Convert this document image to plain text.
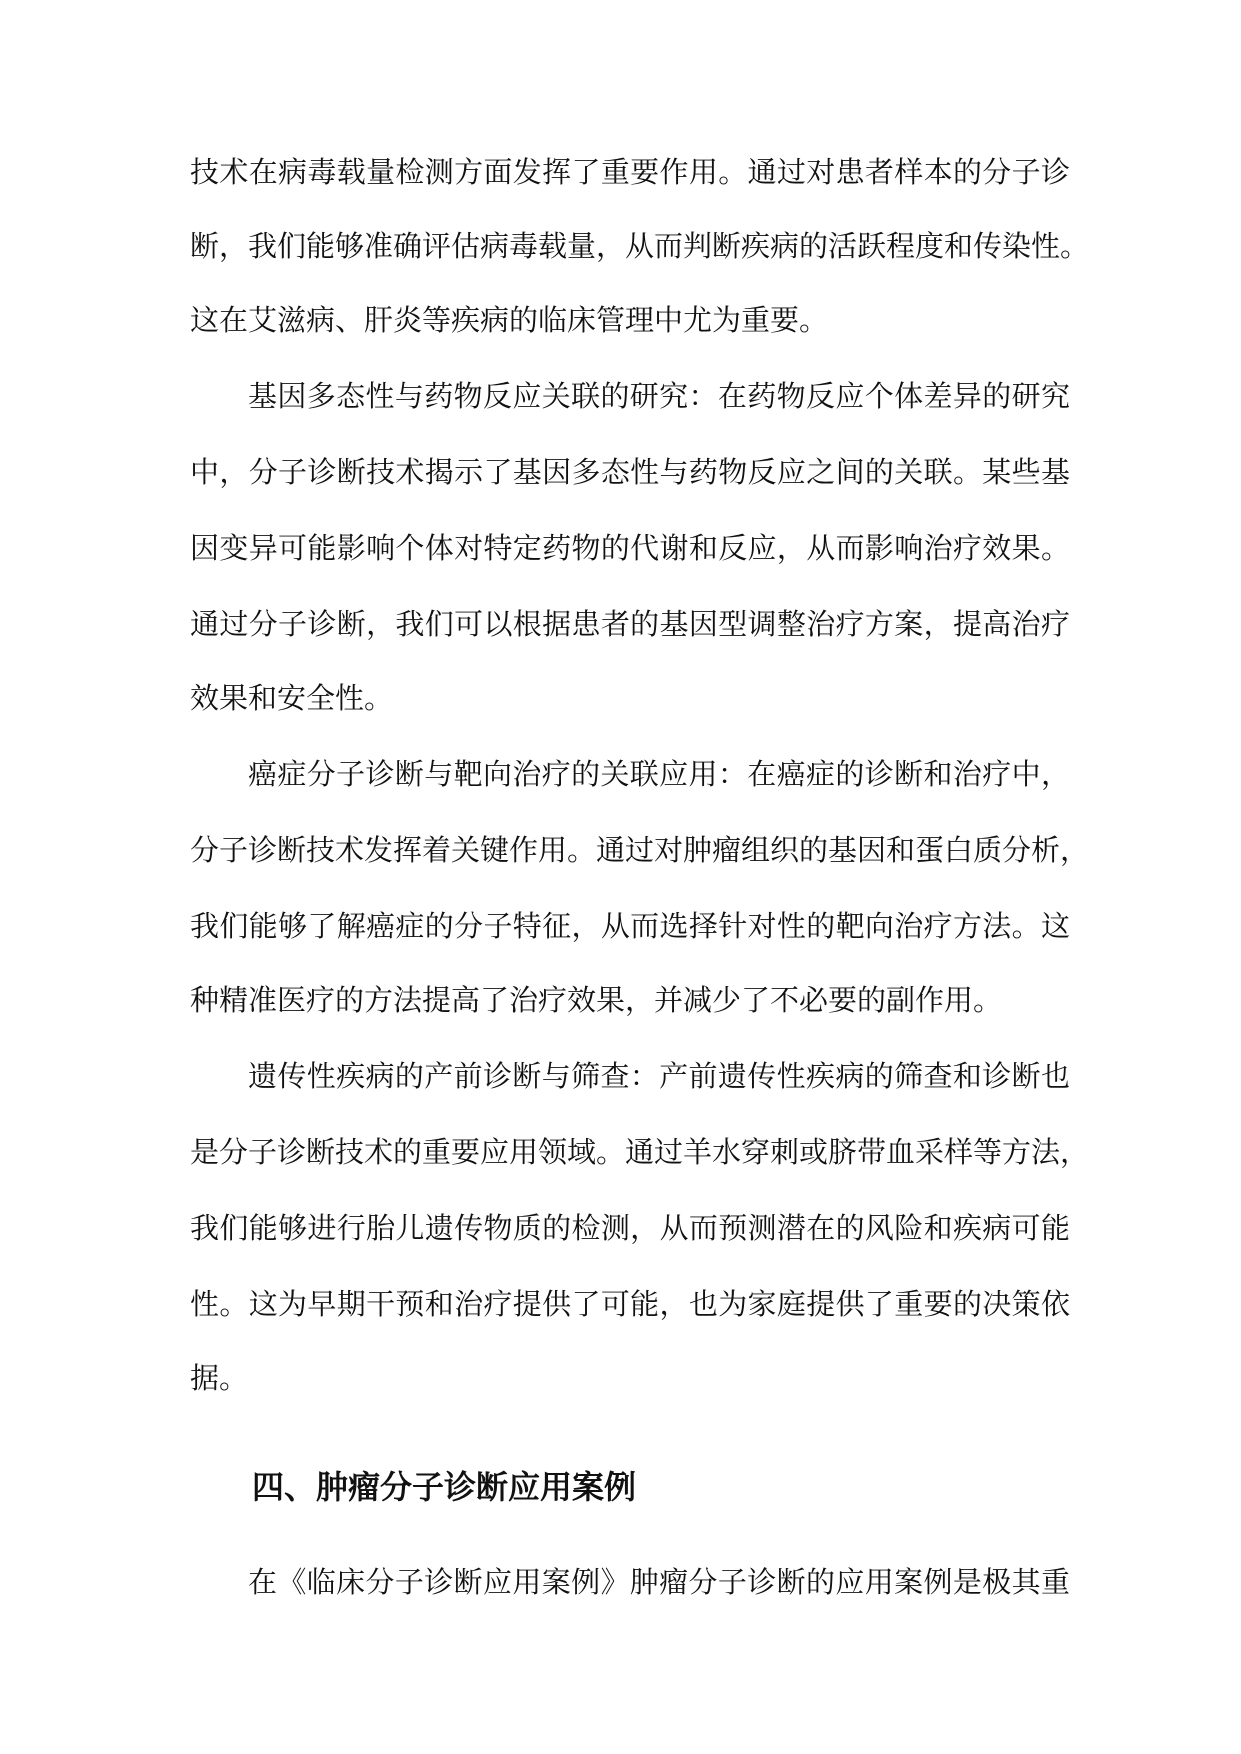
技术在病毒载量检测方面发挥了重要作用。通过对患者样本的分子诊
断，我们能够准确评估病毒载量，从而判断疾病的活跃程度和传染性。
这在艾滋病、肝炎等疾病的临床管理中尤为重要。
基因多态性与药物反应关联的研究：在药物反应个体差异的研究
中，分子诊断技术揭示了基因多态性与药物反应之间的关联。某些基
因变异可能影响个体对特定药物的代谢和反应，从而影响治疗效果。
通过分子诊断，我们可以根据患者的基因型调整治疗方案，提高治疗
效果和安全性。
癌症分子诊断与靶向治疗的关联应用：在癌症的诊断和治疗中，
分子诊断技术发挥着关键作用。通过对肿瘤组织的基因和蛋白质分析，
我们能够了解癌症的分子特征，从而选择针对性的靶向治疗方法。这
种精准医疗的方法提高了治疗效果，并减少了不必要的副作用。
遗传性疾病的产前诊断与筛查：产前遗传性疾病的筛查和诊断也
是分子诊断技术的重要应用领域。通过羊水穿刺或脐带血采样等方法，
我们能够进行胎儿遗传物质的检测，从而预测潜在的风险和疾病可能
性。这为早期干预和治疗提供了可能，也为家庭提供了重要的决策依
据。
四、肿瘤分子诊断应用案例
在《临床分子诊断应用案例》肿瘤分子诊断的应用案例是极其重
